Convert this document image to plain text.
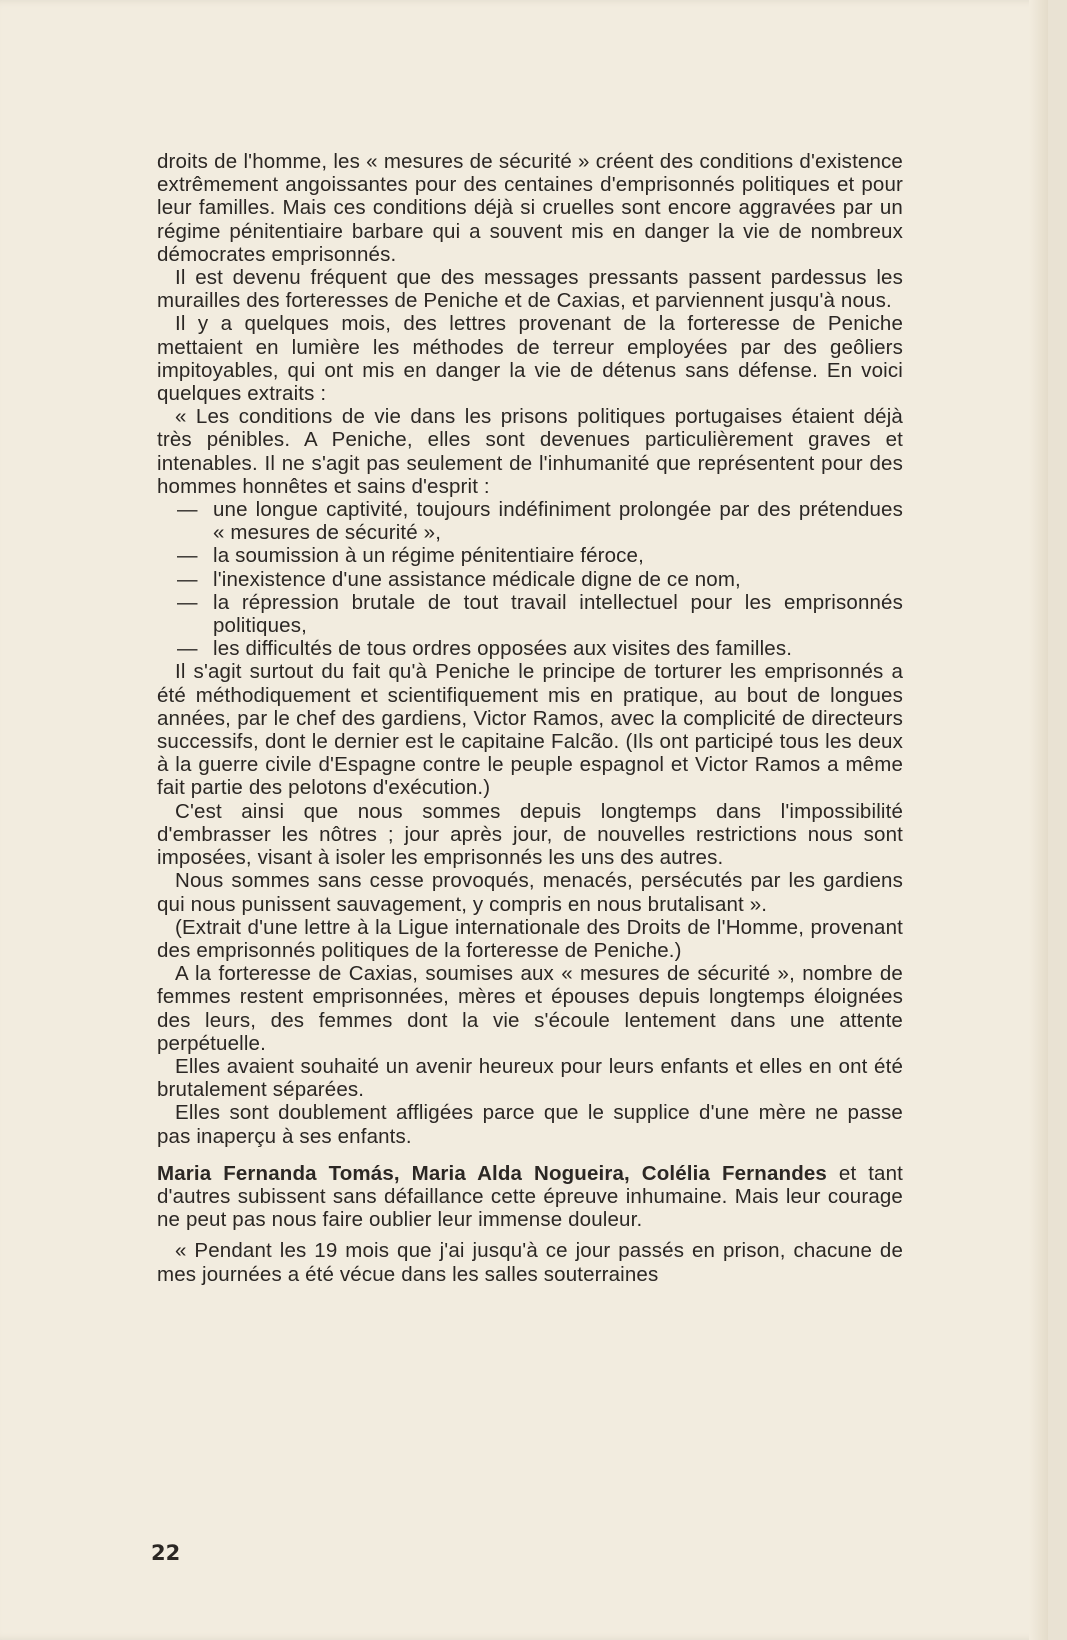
droits de l'homme, les « mesures de sécurité » créent des conditions d'existence extrêmement angoissantes pour des centaines d'emprisonnés politiques et pour leur familles. Mais ces conditions déjà si cruelles sont encore aggravées par un régime pénitentiaire barbare qui a souvent mis en danger la vie de nombreux démocrates emprisonnés.

Il est devenu fréquent que des messages pressants passent pardessus les murailles des forteresses de Peniche et de Caxias, et parviennent jusqu'à nous.

Il y a quelques mois, des lettres provenant de la forteresse de Peniche mettaient en lumière les méthodes de terreur employées par des geôliers impitoyables, qui ont mis en danger la vie de détenus sans défense. En voici quelques extraits :

« Les conditions de vie dans les prisons politiques portugaises étaient déjà très pénibles. A Peniche, elles sont devenues particulièrement graves et intenables. Il ne s'agit pas seulement de l'inhumanité que représentent pour des hommes honnêtes et sains d'esprit :

— une longue captivité, toujours indéfiniment prolongée par des prétendues « mesures de sécurité »,
— la soumission à un régime pénitentiaire féroce,
— l'inexistence d'une assistance médicale digne de ce nom,
— la répression brutale de tout travail intellectuel pour les emprisonnés politiques,
— les difficultés de tous ordres opposées aux visites des familles.

Il s'agit surtout du fait qu'à Peniche le principe de torturer les emprisonnés a été méthodiquement et scientifiquement mis en pratique, au bout de longues années, par le chef des gardiens, Victor Ramos, avec la complicité de directeurs successifs, dont le dernier est le capitaine Falcão. (Ils ont participé tous les deux à la guerre civile d'Espagne contre le peuple espagnol et Victor Ramos a même fait partie des pelotons d'exécution.)

C'est ainsi que nous sommes depuis longtemps dans l'impossibilité d'embrasser les nôtres ; jour après jour, de nouvelles restrictions nous sont imposées, visant à isoler les emprisonnés les uns des autres.

Nous sommes sans cesse provoqués, menacés, persécutés par les gardiens qui nous punissent sauvagement, y compris en nous brutalisant ».

(Extrait d'une lettre à la Ligue internationale des Droits de l'Homme, provenant des emprisonnés politiques de la forteresse de Peniche.)

A la forteresse de Caxias, soumises aux « mesures de sécurité », nombre de femmes restent emprisonnées, mères et épouses depuis longtemps éloignées des leurs, des femmes dont la vie s'écoule lentement dans une attente perpétuelle.

Elles avaient souhaité un avenir heureux pour leurs enfants et elles en ont été brutalement séparées.

Elles sont doublement affligées parce que le supplice d'une mère ne passe pas inaperçu à ses enfants.

Maria Fernanda Tomás, Maria Alda Nogueira, Colélia Fernandes et tant d'autres subissent sans défaillance cette épreuve inhumaine. Mais leur courage ne peut pas nous faire oublier leur immense douleur.

« Pendant les 19 mois que j'ai jusqu'à ce jour passés en prison, chacune de mes journées a été vécue dans les salles souterraines

22
